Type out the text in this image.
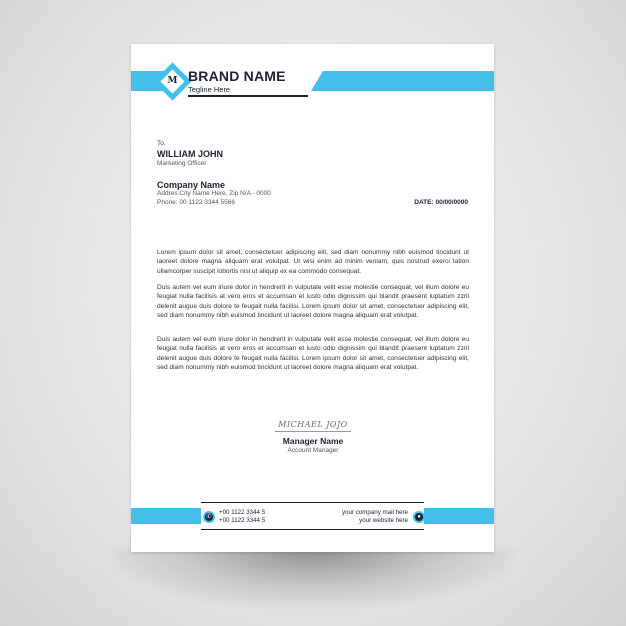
M BRAND NAME
Tegline Here
To,
WILLIAM JOHN
Marketing Officer
Company Name
Addres:City Name Here, Zip N/A - 0000
Phone: 00 1122 3344 5566	DATE: 00/00/0000

Lorem ipsum dolor sit amet, consectetuer adipiscing elit, sed diam nonummy nibh euismod tincidunt ut laoreet dolore magna aliquam erat volutpat. Ut wisi enim ad minim veniam, quis nostrud exerci tation ullamcorper suscipit lobortis nisl ut aliquip ex ea commodo consequat.

Duis autem vel eum iriure dolor in hendrerit in vulputate velit esse molestie consequat, vel illum dolore eu feugiat nulla facilisis at vero eros et accumsan et iusto odio dignissim qui blandit praesent luptatum zzril delenit augue duis dolore te feugait nulla facilisi. Lorem ipsum dolor sit amet, consectetuer adipiscing elit, sed diam nonummy nibh euismod tincidunt ut laoreet dolore magna aliquam erat volutpat.

Duis autem vel eum iriure dolor in hendrerit in vulputate velit esse molestie consequat, vel illum dolore eu feugiat nulla facilisis at vero eros et accumsan et iusto odio dignissim qui blandit praesent luptatum zzril delenit augue duis dolore te feugait nulla facilisi. Lorem ipsum dolor sit amet, consectetuer adipiscing elit, sed diam nonummy nibh euismod tincidunt ut laoreet dolore magna aliquam erat volutpat.

MICHAEL JOJO
Manager Name
Account Manager
✆
+00 1122 3344 5
+00 1122 3344 5
your company mail here
your website here	●
